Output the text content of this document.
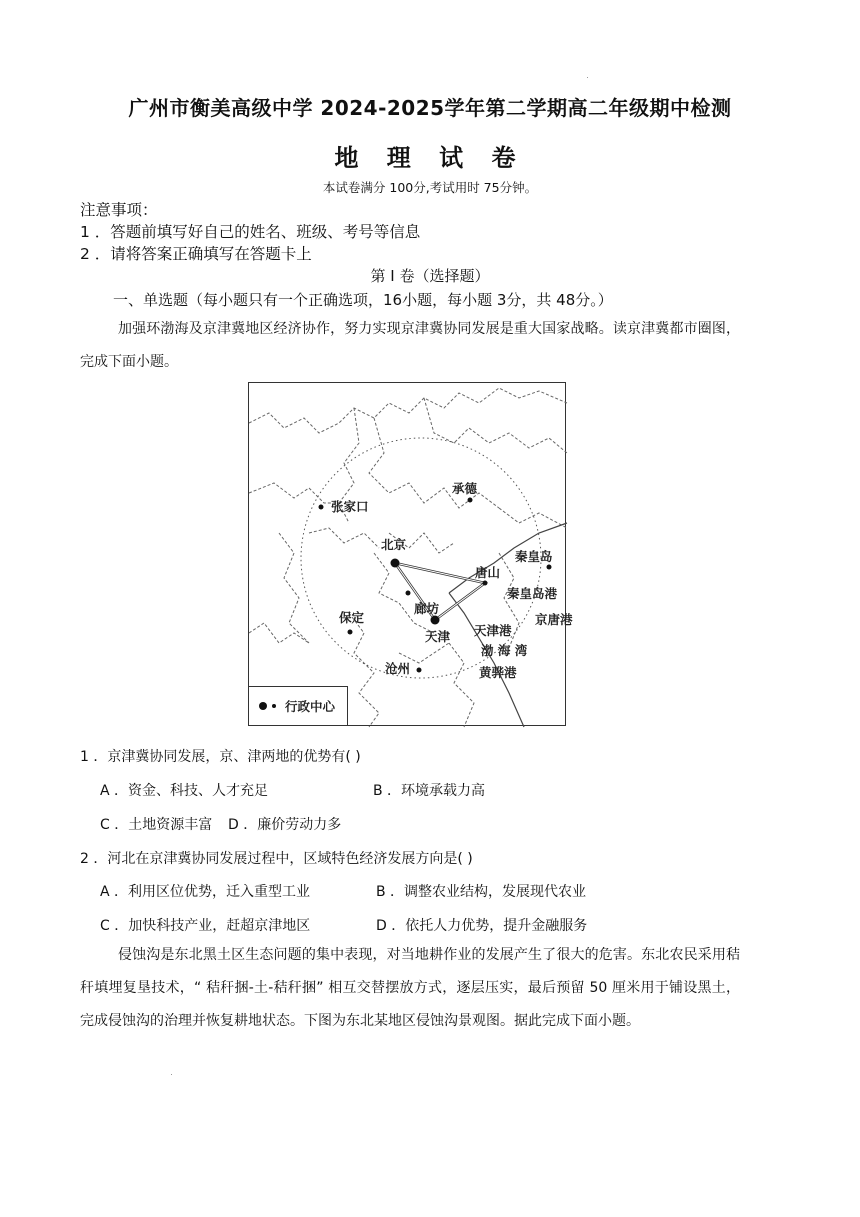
广州市衡美高级中学 2024-2025学年第二学期高二年级期中检测
地 理 试 卷
本试卷满分 100分,考试用时 75分钟。
注意事项：
1 ．答题前填写好自己的姓名、班级、考号等信息
2 ．请将答案正确填写在答题卡上
第 I 卷（选择题）
一、单选题（每小题只有一个正确选项，16小题，每小题 3分，共 48分。）
加强环渤海及京津冀地区经济协作，努力实现京津冀协同发展是重大国家战略。读京津冀都市圈图，完成下面小题。
承德
张家口
北京
唐山
秦皇岛
秦皇岛港
廊坊
保定
天津
京唐港
天津港
渤 海 湾
沧州	黄骅港
行政中心
1 ．京津冀协同发展，京、津两地的优势有( )
A ．资金、科技、人才充足	B ．环境承载力高
C ．土地资源丰富 D ．廉价劳动力多
2 ．河北在京津冀协同发展过程中，区域特色经济发展方向是( )
A ．利用区位优势，迁入重型工业	B ．调整农业结构，发展现代农业
C ．加快科技产业，赶超京津地区	D ．依托人力优势，提升金融服务
侵蚀沟是东北黑土区生态问题的集中表现，对当地耕作业的发展产生了很大的危害。东北农民采用秸秆填埋复垦技术，“ 秸秆捆-土-秸秆捆” 相互交替摆放方式，逐层压实，最后预留 50 厘米用于铺设黑土，完成侵蚀沟的治理并恢复耕地状态。下图为东北某地区侵蚀沟景观图。据此完成下面小题。
